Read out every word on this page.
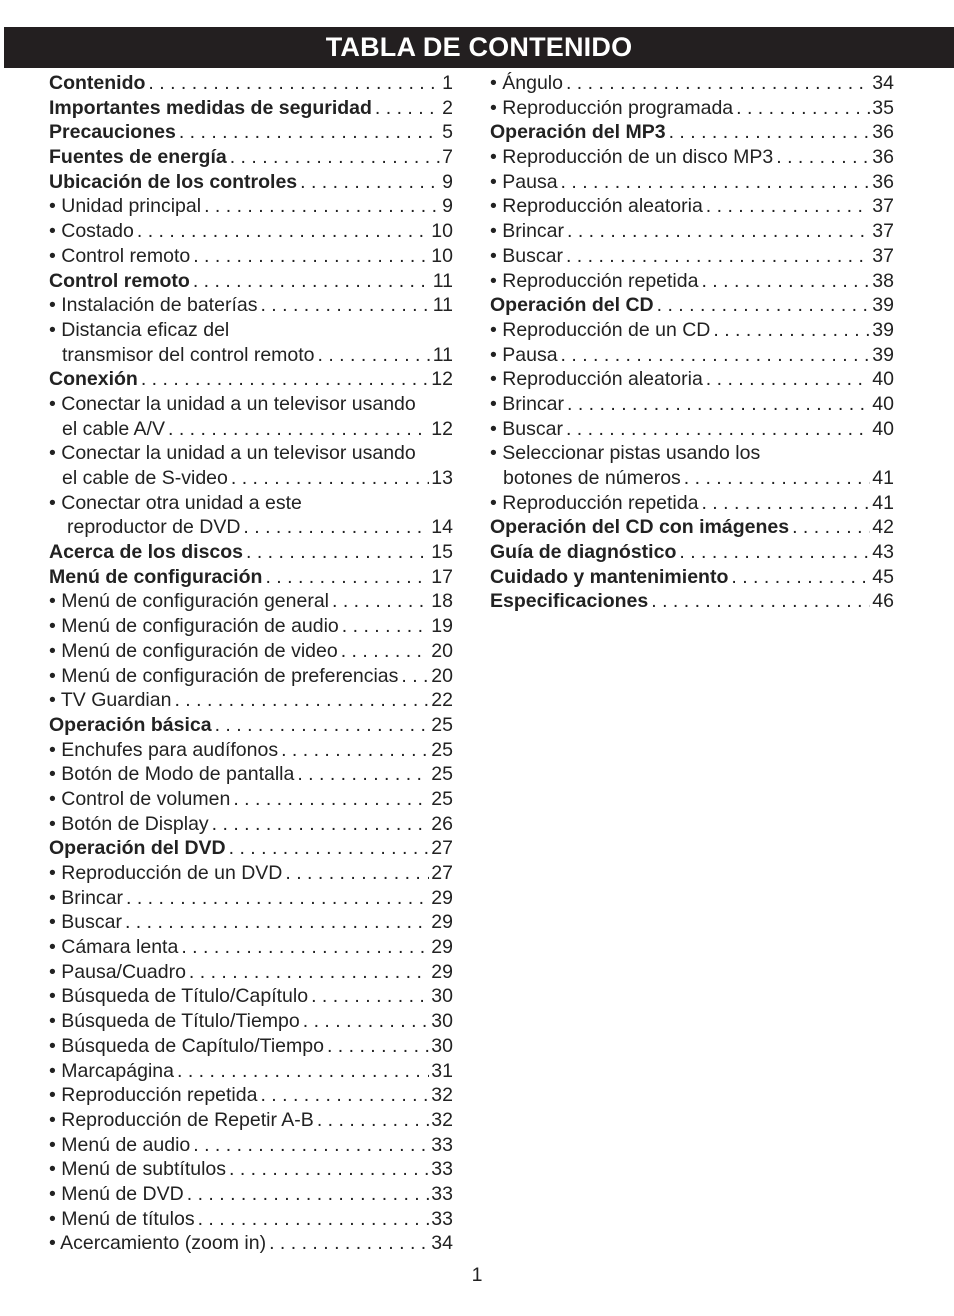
TABLA DE CONTENIDO
Contenido . . .	1
Importantes medidas de seguridad . . .	2
Precauciones . . .	5
Fuentes de energía . . .	7
Ubicación de los controles . . .	9
• Unidad principal . . .	9
• Costado . . .	10
• Control remoto . . .	10
Control remoto . . .	11
• Instalación de baterías . . .	11
• Distancia eficaz del
transmisor del control remoto . . .	11
Conexión . . .	12
• Conectar la unidad a un televisor usando
el cable A/V . . .	12
• Conectar la unidad a un televisor usando
el cable de S-video . . .	13
• Conectar otra unidad a este
reproductor de DVD . . .	14
Acerca de los discos . . .	15
Menú de configuración . . .	17
• Menú de configuración general . . .	18
• Menú de configuración de audio . . .	19
• Menú de configuración de video . . .	20
• Menú de configuración de preferencias . . . 20
• TV Guardian . . .	22
Operación básica . . .	25
• Enchufes para audífonos . . .	25
• Botón de Modo de pantalla . . .	25
• Control de volumen . . .	25
• Botón de Display . . .	26
Operación del DVD . . .	27
• Reproducción de un DVD . . .	27
• Brincar . . .	29
• Buscar . . .	29
• Cámara lenta . . .	29
• Pausa/Cuadro . . .	29
• Búsqueda de Título/Capítulo . . .	30
• Búsqueda de Título/Tiempo . . .	30
• Búsqueda de Capítulo/Tiempo . . .	30
• Marcapágina . . .	31
• Reproducción repetida . . .	32
• Reproducción de Repetir A-B . . .	32
• Menú de audio . . .	33
• Menú de subtítulos . . .	33
• Menú de DVD . . .	33
• Menú de títulos . . .	33
• Acercamiento (zoom in) . . .	34
• Ángulo . . .	34
• Reproducción programada . . .	35
Operación del MP3 . . .	36
• Reproducción de un disco MP3 . . .	36
• Pausa . . .	36
• Reproducción aleatoria . . .	37
• Brincar . . .	37
• Buscar . . .	37
• Reproducción repetida . . .	38
Operación del CD . . .	39
• Reproducción de un CD . . .	39
• Pausa . . .	39
• Reproducción aleatoria . . .	40
• Brincar . . .	40
• Buscar . . .	40
• Seleccionar pistas usando los
botones de números . . .	41
• Reproducción repetida . . .	41
Operación del CD con imágenes . . .	42
Guía de diagnóstico . . .	43
Cuidado y mantenimiento . . .	45
Especificaciones . . .	46
1
